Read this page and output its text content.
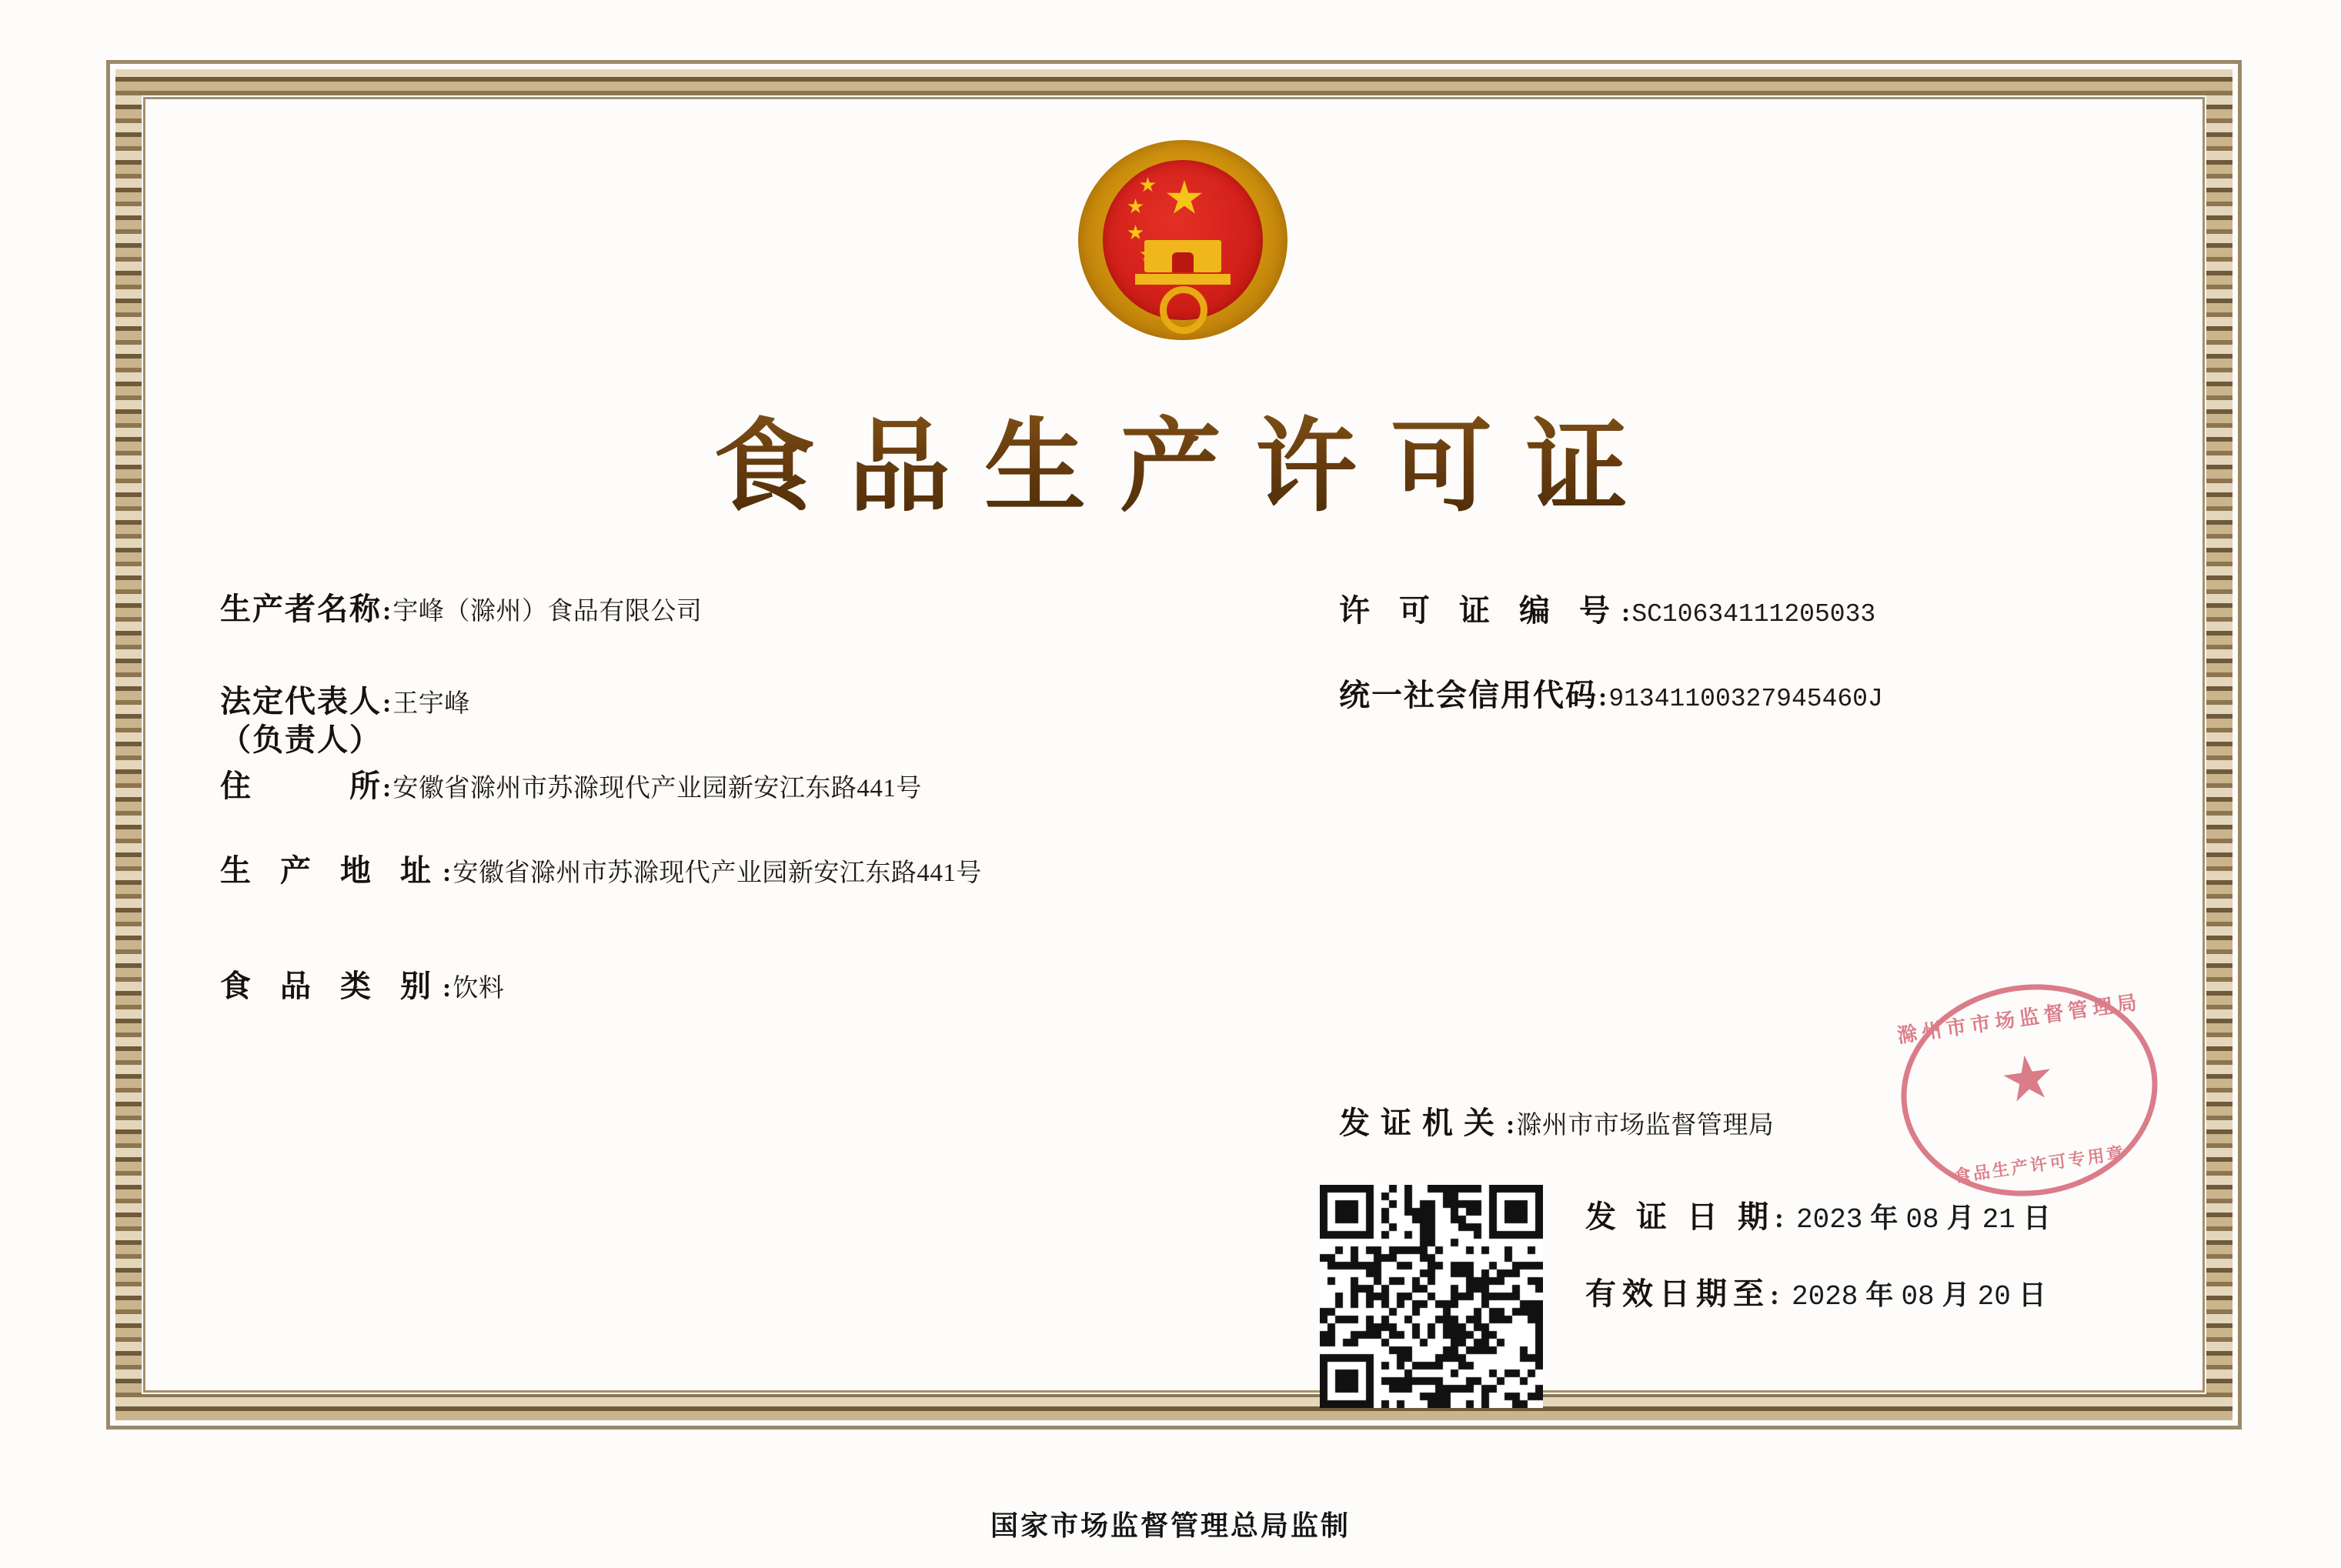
食品生产许可证
生产者名称 : 宇峰（滁州）食品有限公司
法定代表人 : 王宇峰
（负责人）
住　　　所 : 安徽省滁州市苏滁现代产业园新安江东路441号
生 产 地 址 : 安徽省滁州市苏滁现代产业园新安江东路441号
食 品 类 别 : 饮料
许 可 证 编 号 : SC10634111205033
统一社会信用代码 : 91341100327945460J
发证机关 : 滁州市市场监督管理局
滁州市市场监督管理局
食品生产许可专用章
发 证 日 期 : 2023 年 08 月 21 日
有效日期至 : 2028 年 08 月 20 日
国家市场监督管理总局监制
